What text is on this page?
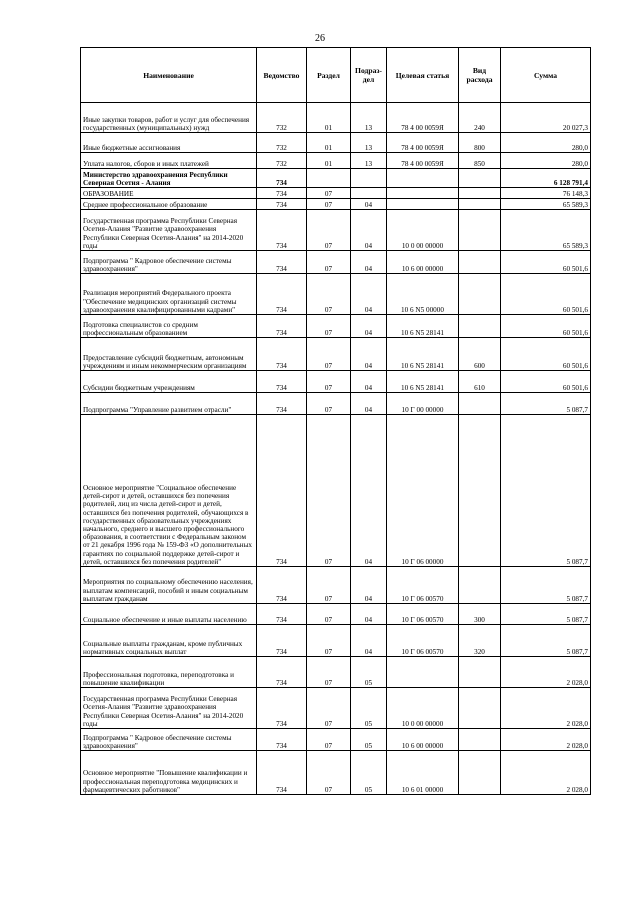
26
Наименование	Ведомство	Раздел	Подраз-дел	Целевая статья	Вид расхода	Сумма
Иные закупки товаров, работ и услуг для обеспечения государственных (муниципальных) нужд	732	01	13	78 4 00 0059Я	240	20 027,3
Иные бюджетные ассигнования	732	01	13	78 4 00 0059Я	800	280,0
Уплата налогов, сборов и иных платежей	732	01	13	78 4 00 0059Я	850	280,0
Министерство здравоохранения Республики Северная Осетия - Алания	734					6 128 791,4
ОБРАЗОВАНИЕ	734	07				76 148,3
Среднее профессиональное образование	734	07	04			65 589,3
Государственная программа Республики Северная Осетия-Алания "Развитие здравоохранения Республики Северная Осетия-Алания" на 2014-2020 годы	734	07	04	10 0 00 00000		65 589,3
Подпрограмма " Кадровое обеспечение системы здравоохранения"	734	07	04	10 6 00 00000		60 501,6
Реализация мероприятий Федерального проекта "Обеспечение медицинских организаций системы здравоохранения квалифицированными кадрами"	734	07	04	10 6 N5 00000		60 501,6
Подготовка специалистов со средним профессиональным образованием	734	07	04	10 6 N5 28141		60 501,6
Предоставление субсидий бюджетным, автономным учреждениям и иным некоммерческим организациям	734	07	04	10 6 N5 28141	600	60 501,6
Субсидии бюджетным учреждениям	734	07	04	10 6 N5 28141	610	60 501,6
Подпрограмма "Управление развитием отрасли"	734	07	04	10 Г 00 00000		5 087,7
Основное мероприятие "Социальное обеспечение детей-сирот и детей, оставшихся без попечения родителей, лиц из числа детей-сирот и детей, оставшихся без попечения родителей, обучающихся в государственных образовательных учреждениях начального, среднего и высшего профессионального образования, в соответствии с Федеральным законом от 21 декабря 1996 года № 159-ФЗ «О дополнительных гарантиях по социальной поддержке детей-сирот и детей, оставшихся без попечения родителей"	734	07	04	10 Г 06 00000		5 087,7
Мероприятия по социальному обеспечению населения, выплатам компенсаций, пособий и иным социальным выплатам гражданам	734	07	04	10 Г 06 00570		5 087,7
Социальное обеспечение и иные выплаты населению	734	07	04	10 Г 06 00570	300	5 087,7
Социальные выплаты гражданам, кроме публичных нормативных социальных выплат	734	07	04	10 Г 06 00570	320	5 087,7
Профессиональная подготовка, переподготовка и повышение квалификации	734	07	05			2 028,0
Государственная программа Республики Северная Осетия-Алания "Развитие здравоохранения Республики Северная Осетия-Алания" на 2014-2020 годы	734	07	05	10 0 00 00000		2 028,0
Подпрограмма " Кадровое обеспечение системы здравоохранения"	734	07	05	10 6 00 00000		2 028,0
Основное мероприятие "Повышение квалификации и профессиональная переподготовка медицинских и фармацевтических работников"	734	07	05	10 6 01 00000		2 028,0
